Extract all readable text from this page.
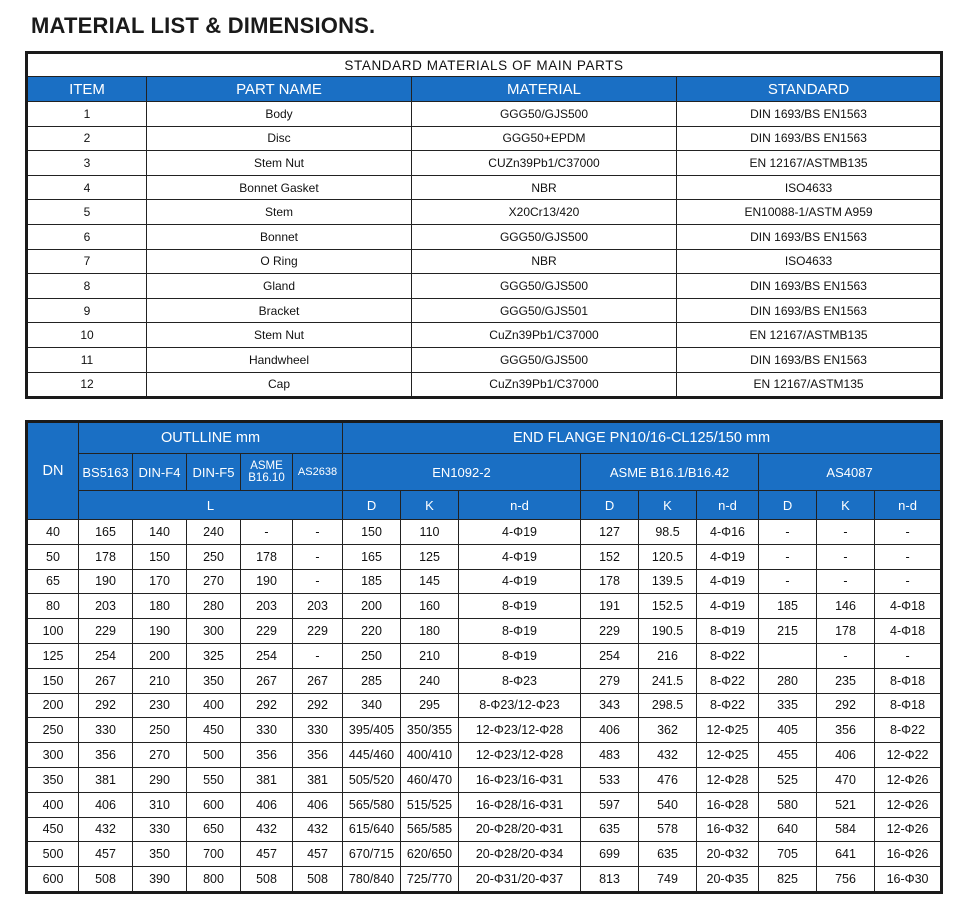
MATERIAL LIST & DIMENSIONS.
STANDARD MATERIALS OF MAIN PARTS			
ITEM	PART NAME	MATERIAL	STANDARD
1	Body	GGG50/GJS500	DIN 1693/BS EN1563
2	Disc	GGG50+EPDM	DIN 1693/BS EN1563
3	Stem Nut	CUZn39Pb1/C37000	EN 12167/ASTMB135
4	Bonnet Gasket	NBR	ISO4633
5	Stem	X20Cr13/420	EN10088-1/ASTM A959
6	Bonnet	GGG50/GJS500	DIN 1693/BS EN1563
7	O Ring	NBR	ISO4633
8	Gland	GGG50/GJS500	DIN 1693/BS EN1563
9	Bracket	GGG50/GJS501	DIN 1693/BS EN1563
10	Stem Nut	CuZn39Pb1/C37000	EN 12167/ASTMB135
11	Handwheel	GGG50/GJS500	DIN 1693/BS EN1563
12	Cap	CuZn39Pb1/C37000	EN 12167/ASTM135
DN	OUTLLINE mm					END FLANGE PN10/16-CL125/150 mm								
	BS5163	DIN-F4	DIN-F5	ASME
B16.10	AS2638	EN1092-2			ASME B16.1/B16.42			AS4087		
	L					D	K	n-d	D	K	n-d	D	K	n-d
40	165	140	240	-	-	150	110	4-Φ19	127	98.5	4-Φ16	-	-	-
50	178	150	250	178	-	165	125	4-Φ19	152	120.5	4-Φ19	-	-	-
65	190	170	270	190	-	185	145	4-Φ19	178	139.5	4-Φ19	-	-	-
80	203	180	280	203	203	200	160	8-Φ19	191	152.5	4-Φ19	185	146	4-Φ18
100	229	190	300	229	229	220	180	8-Φ19	229	190.5	8-Φ19	215	178	4-Φ18
125	254	200	325	254	-	250	210	8-Φ19	254	216	8-Φ22		-	-
150	267	210	350	267	267	285	240	8-Φ23	279	241.5	8-Φ22	280	235	8-Φ18
200	292	230	400	292	292	340	295	8-Φ23/12-Φ23	343	298.5	8-Φ22	335	292	8-Φ18
250	330	250	450	330	330	395/405	350/355	12-Φ23/12-Φ28	406	362	12-Φ25	405	356	8-Φ22
300	356	270	500	356	356	445/460	400/410	12-Φ23/12-Φ28	483	432	12-Φ25	455	406	12-Φ22
350	381	290	550	381	381	505/520	460/470	16-Φ23/16-Φ31	533	476	12-Φ28	525	470	12-Φ26
400	406	310	600	406	406	565/580	515/525	16-Φ28/16-Φ31	597	540	16-Φ28	580	521	12-Φ26
450	432	330	650	432	432	615/640	565/585	20-Φ28/20-Φ31	635	578	16-Φ32	640	584	12-Φ26
500	457	350	700	457	457	670/715	620/650	20-Φ28/20-Φ34	699	635	20-Φ32	705	641	16-Φ26
600	508	390	800	508	508	780/840	725/770	20-Φ31/20-Φ37	813	749	20-Φ35	825	756	16-Φ30
